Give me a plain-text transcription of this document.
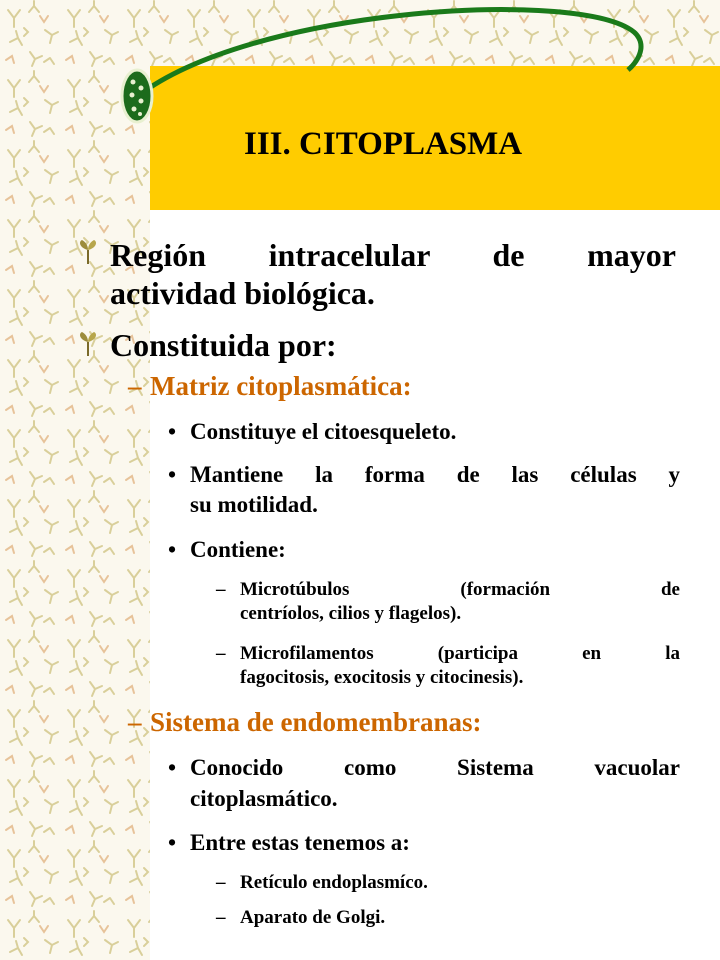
III. CITOPLASMA
Región intracelular de mayor
actividad biológica.
Constituida por:
– Matriz citoplasmática:
• Constituye el citoesqueleto.
• Mantiene la forma de las células y
su motilidad.
• Contiene:
– Microtúbulos (formación de
centríolos, cilios y flagelos).
– Microfilamentos (participa en la
fagocitosis, exocitosis y citocinesis).
– Sistema de endomembranas:
• Conocido como Sistema vacuolar
citoplasmático.
• Entre estas tenemos a:
– Retículo endoplasmíco.
– Aparato de Golgi.
